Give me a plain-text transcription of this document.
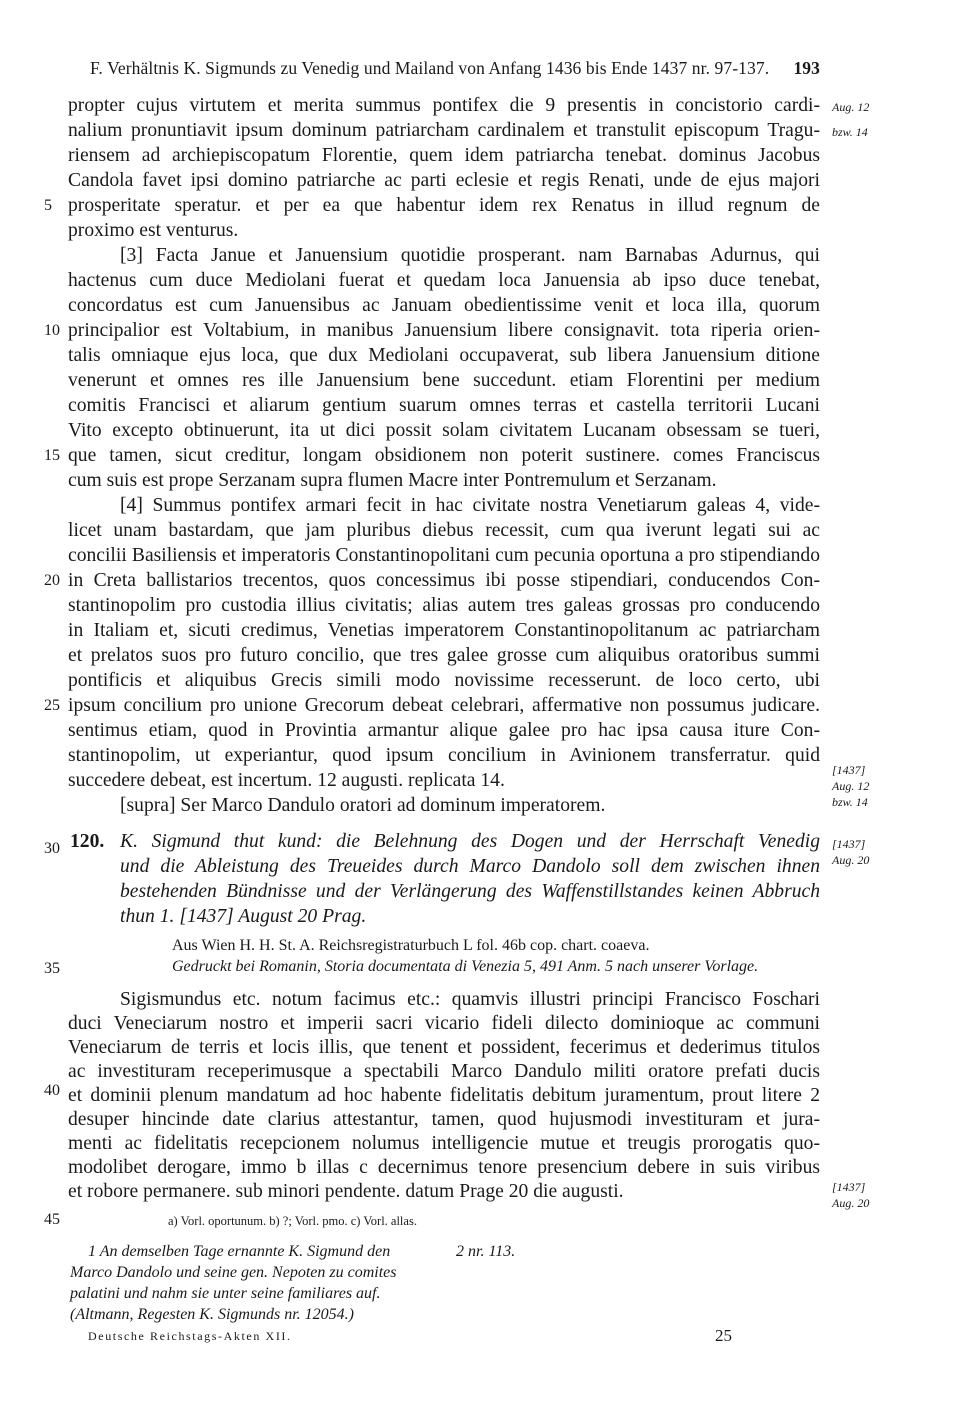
F. Verhältnis K. Sigmunds zu Venedig und Mailand von Anfang 1436 bis Ende 1437 nr. 97-137. 193
propter cujus virtutem et merita summus pontifex die 9 presentis in concistorio cardi-
nalium pronuntiavit ipsum dominum patriarcham cardinalem et transtulit episcopum Tragu-
riensem ad archiepiscopatum Florentie, quem idem patriarcha tenebat. dominus Jacobus
Candola favet ipsi domino patriarche ac parti eclesie et regis Renati, unde de ejus majori
prosperitate speratur. et per ea que habentur idem rex Renatus in illud regnum de
proximo est venturus.
[3] Facta Janue et Januensium quotidie prosperant. nam Barnabas Adurnus, qui
hactenus cum duce Mediolani fuerat et quedam loca Januensia ab ipso duce tenebat,
concordatus est cum Januensibus ac Januam obedientissime venit et loca illa, quorum
principalior est Voltabium, in manibus Januensium libere consignavit. tota riperia orien-
talis omniaque ejus loca, que dux Mediolani occupaverat, sub libera Januensium ditione
venerunt et omnes res ille Januensium bene succedunt. etiam Florentini per medium
comitis Francisci et aliarum gentium suarum omnes terras et castella territorii Lucani
Vito excepto obtinuerunt, ita ut dici possit solam civitatem Lucanam obsessam se tueri,
que tamen, sicut creditur, longam obsidionem non poterit sustinere. comes Franciscus
cum suis est prope Serzanam supra flumen Macre inter Pontremulum et Serzanam.
[4] Summus pontifex armari fecit in hac civitate nostra Venetiarum galeas 4, vide-
licet unam bastardam, que jam pluribus diebus recessit, cum qua iverunt legati sui ac
concilii Basiliensis et imperatoris Constantinopolitani cum pecunia oportuna a pro stipendiando
in Creta ballistarios trecentos, quos concessimus ibi posse stipendiari, conducendos Con-
stantinopolim pro custodia illius civitatis; alias autem tres galeas grossas pro conducendo
in Italiam et, sicuti credimus, Venetias imperatorem Constantinopolitanum ac patriarcham
et prelatos suos pro futuro concilio, que tres galee grosse cum aliquibus oratoribus summi
pontificis et aliquibus Grecis simili modo novissime recesserunt. de loco certo, ubi
ipsum concilium pro unione Grecorum debeat celebrari, affermative non possumus judicare.
sentimus etiam, quod in Provintia armantur alique galee pro hac ipsa causa iture Con-
stantinopolim, ut experiantur, quod ipsum concilium in Avinionem transferratur. quid
succedere debeat, est incertum. 12 augusti. replicata 14.
[supra] Ser Marco Dandulo oratori ad dominum imperatorem.
5
10
15
20
25
30
35
40
45
Aug. 12
bzw. 14
[1437]
Aug. 12
bzw. 14
[1437]
Aug. 20
[1437]
Aug. 20
120. K. Sigmund thut kund: die Belehnung des Dogen und der Herrschaft Venedig
und die Ableistung des Treueides durch Marco Dandolo soll dem zwischen ihnen
bestehenden Bündnisse und der Verlängerung des Waffenstillstandes keinen Abbruch
thun 1. [1437] August 20 Prag.
Aus Wien H. H. St. A. Reichsregistraturbuch L fol. 46b cop. chart. coaeva.
Gedruckt bei Romanin, Storia documentata di Venezia 5, 491 Anm. 5 nach unserer Vorlage.
Sigismundus etc. notum facimus etc.: quamvis illustri principi Francisco Foschari
duci Veneciarum nostro et imperii sacri vicario fideli dilecto dominioque ac communi
Veneciarum de terris et locis illis, que tenent et possident, fecerimus et dederimus titulos
ac investituram receperimusque a spectabili Marco Dandulo militi oratore prefati ducis
et dominii plenum mandatum ad hoc habente fidelitatis debitum juramentum, prout litere 2
desuper hincinde date clarius attestantur, tamen, quod hujusmodi investituram et jura-
menti ac fidelitatis recepcionem nolumus intelligencie mutue et treugis prorogatis quo-
modolibet derogare, immo b illas c decernimus tenore presencium debere in suis viribus
et robore permanere. sub minori pendente. datum Prage 20 die augusti.
a) Vorl. oportunum. b) ?; Vorl. pmo. c) Vorl. allas.
1 An demselben Tage ernannte K. Sigmund den
Marco Dandolo und seine gen. Nepoten zu comites
palatini und nahm sie unter seine familiares auf.
(Altmann, Regesten K. Sigmunds nr. 12054.)
2 nr. 113.
Deutsche Reichstags-Akten XII.	25
